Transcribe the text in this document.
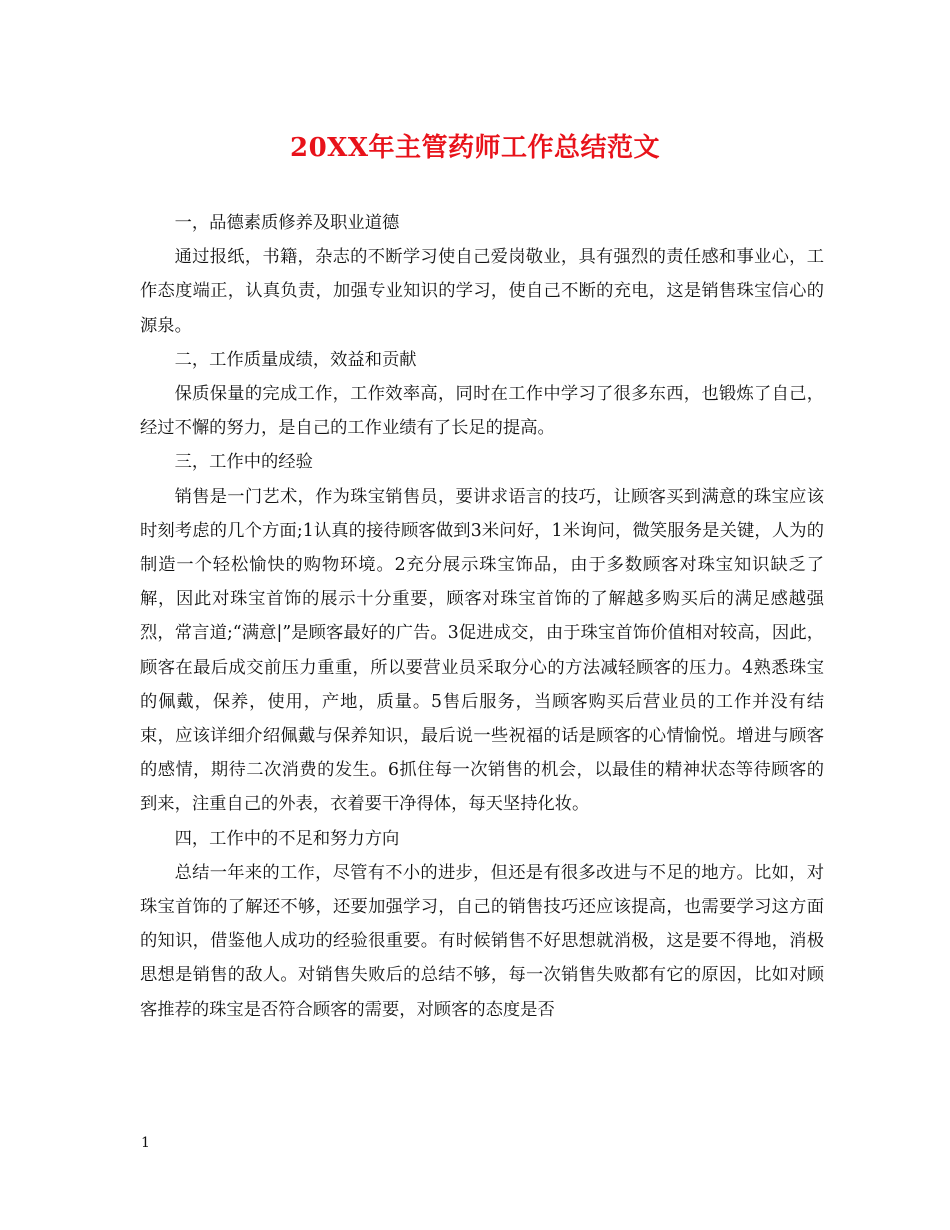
20XX年主管药师工作总结范文

一，品德素质修养及职业道德

通过报纸，书籍，杂志的不断学习使自己爱岗敬业，具有强烈的责任感和事业心，工作态度端正，认真负责，加强专业知识的学习，使自己不断的充电，这是销售珠宝信心的源泉。

二，工作质量成绩，效益和贡献

保质保量的完成工作，工作效率高，同时在工作中学习了很多东西，也锻炼了自己，经过不懈的努力，是自己的工作业绩有了长足的提高。

三，工作中的经验

销售是一门艺术，作为珠宝销售员，要讲求语言的技巧，让顾客买到满意的珠宝应该时刻考虑的几个方面;1认真的接待顾客做到3米问好，1米询问，微笑服务是关键，人为的制造一个轻松愉快的购物环境。2充分展示珠宝饰品，由于多数顾客对珠宝知识缺乏了解，因此对珠宝首饰的展示十分重要，顾客对珠宝首饰的了解越多购买后的满足感越强烈，常言道;“满意|”是顾客最好的广告。3促进成交，由于珠宝首饰价值相对较高，因此，顾客在最后成交前压力重重，所以要营业员采取分心的方法减轻顾客的压力。4熟悉珠宝的佩戴，保养，使用，产地，质量。5售后服务，当顾客购买后营业员的工作并没有结束，应该详细介绍佩戴与保养知识，最后说一些祝福的话是顾客的心情愉悦。增进与顾客的感情，期待二次消费的发生。6抓住每一次销售的机会，以最佳的精神状态等待顾客的到来，注重自己的外表，衣着要干净得体，每天坚持化妆。

四，工作中的不足和努力方向

总结一年来的工作，尽管有不小的进步，但还是有很多改进与不足的地方。比如，对珠宝首饰的了解还不够，还要加强学习，自己的销售技巧还应该提高，也需要学习这方面的知识，借鉴他人成功的经验很重要。有时候销售不好思想就消极，这是要不得地，消极思想是销售的敌人。对销售失败后的总结不够，每一次销售失败都有它的原因，比如对顾客推荐的珠宝是否符合顾客的需要，对顾客的态度是否

1
